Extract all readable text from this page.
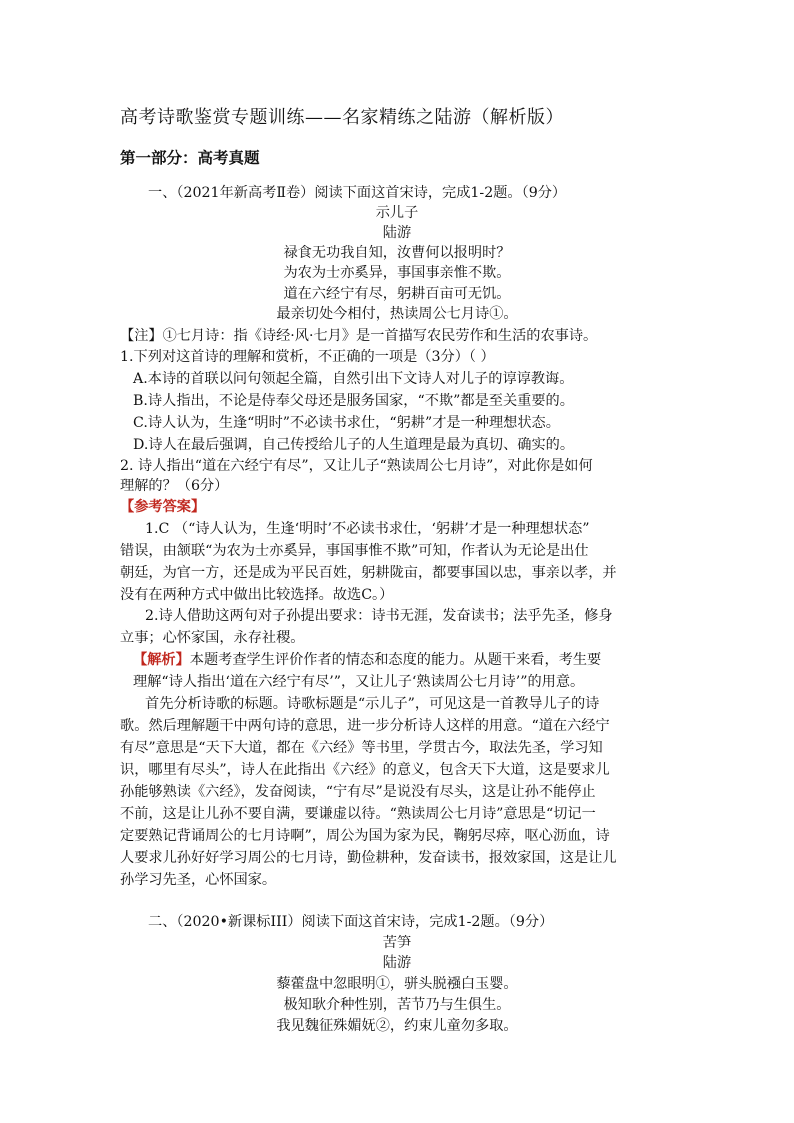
高考诗歌鉴赏专题训练——名家精练之陆游（解析版）
第一部分：高考真题
一、（2021年新高考Ⅱ卷）阅读下面这首宋诗，完成1-2题。（9分）
示儿子
陆游
禄食无功我自知，汝曹何以报明时？
为农为士亦奚异，事国事亲惟不欺。
道在六经宁有尽，躬耕百亩可无饥。
最亲切处今相付，热读周公七月诗①。
【注】①七月诗：指《诗经·风·七月》是一首描写农民劳作和生活的农事诗。
1.下列对这首诗的理解和赏析，不正确的一项是（3分）（ ）
A.本诗的首联以问句领起全篇，自然引出下文诗人对儿子的谆谆教诲。
B.诗人指出，不论是侍奉父母还是服务国家，“不欺”都是至关重要的。
C.诗人认为，生逢“明时”不必读书求仕，“躬耕”才是一种理想状态。
D.诗人在最后强调，自己传授给儿子的人生道理是最为真切、确实的。
2. 诗人指出“道在六经宁有尽”，又让儿子“熟读周公七月诗”，对此你是如何
理解的？（6分）
【参考答案】
1.C （“诗人认为，生逢‘明时’不必读书求仕，‘躬耕’才是一种理想状态”
错误，由颔联“为农为士亦奚异，事国事惟不欺”可知，作者认为无论是出仕
朝廷，为官一方，还是成为平民百姓，躬耕陇亩，都要事国以忠，事亲以孝，并
没有在两种方式中做出比较选择。故选C。）
2.诗人借助这两句对子孙提出要求：诗书无涯，发奋读书；法乎先圣，修身
立事；心怀家国，永存社稷。
【解析】本题考查学生评价作者的情态和态度的能力。从题干来看，考生要
理解“诗人指出‘道在六经宁有尽’”，又让儿子‘熟读周公七月诗’”的用意。
首先分析诗歌的标题。诗歌标题是“示儿子”，可见这是一首教导儿子的诗
歌。然后理解题干中两句诗的意思，进一步分析诗人这样的用意。“道在六经宁
有尽”意思是“天下大道，都在《六经》等书里，学贯古今，取法先圣，学习知
识，哪里有尽头”，诗人在此指出《六经》的意义，包含天下大道，这是要求儿
孙能够熟读《六经》，发奋阅读，“宁有尽”是说没有尽头，这是让孙不能停止
不前，这是让儿孙不要自满，要谦虚以待。“熟读周公七月诗”意思是“切记一
定要熟记背诵周公的七月诗啊”，周公为国为家为民，鞠躬尽瘁，呕心沥血，诗
人要求儿孙好好学习周公的七月诗，勤俭耕种，发奋读书，报效家国，这是让儿
孙学习先圣，心怀国家。
二、（2020•新课标III）阅读下面这首宋诗，完成1-2题。（9分）
苦笋
陆游
藜藿盘中忽眼明①，骈头脱襁白玉婴。
极知耿介种性别，苦节乃与生俱生。
我见魏征殊媚妩②，约束儿童勿多取。
